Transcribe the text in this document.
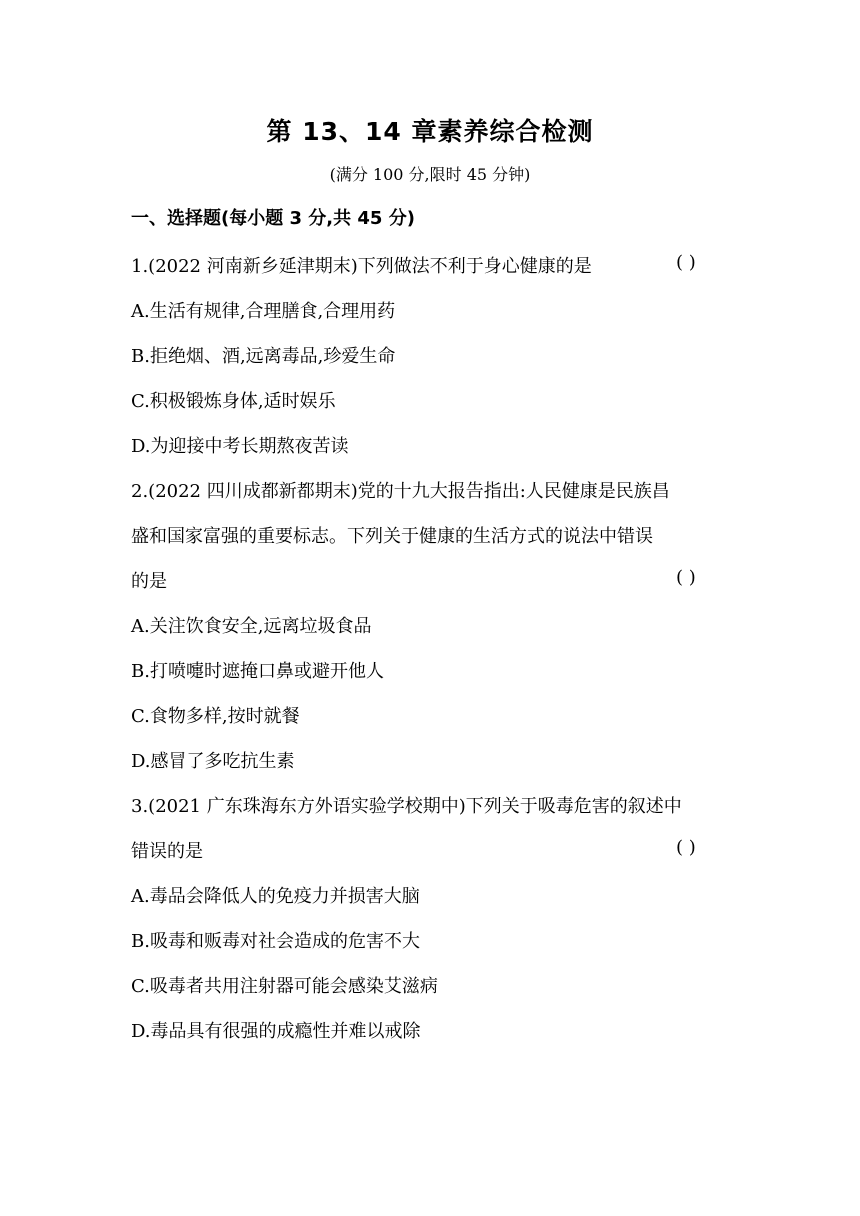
第 13、14 章素养综合检测
(满分 100 分,限时 45 分钟)
一、选择题(每小题 3 分,共 45 分)
1.(2022 河南新乡延津期末)下列做法不利于身心健康的是	( )
A.生活有规律,合理膳食,合理用药
B.拒绝烟、酒,远离毒品,珍爱生命
C.积极锻炼身体,适时娱乐
D.为迎接中考长期熬夜苦读
2.(2022 四川成都新都期末)党的十九大报告指出:人民健康是民族昌
盛和国家富强的重要标志。下列关于健康的生活方式的说法中错误
的是	( )
A.关注饮食安全,远离垃圾食品
B.打喷嚏时遮掩口鼻或避开他人
C.食物多样,按时就餐
D.感冒了多吃抗生素
3.(2021 广东珠海东方外语实验学校期中)下列关于吸毒危害的叙述中
错误的是	( )
A.毒品会降低人的免疫力并损害大脑
B.吸毒和贩毒对社会造成的危害不大
C.吸毒者共用注射器可能会感染艾滋病
D.毒品具有很强的成瘾性并难以戒除
